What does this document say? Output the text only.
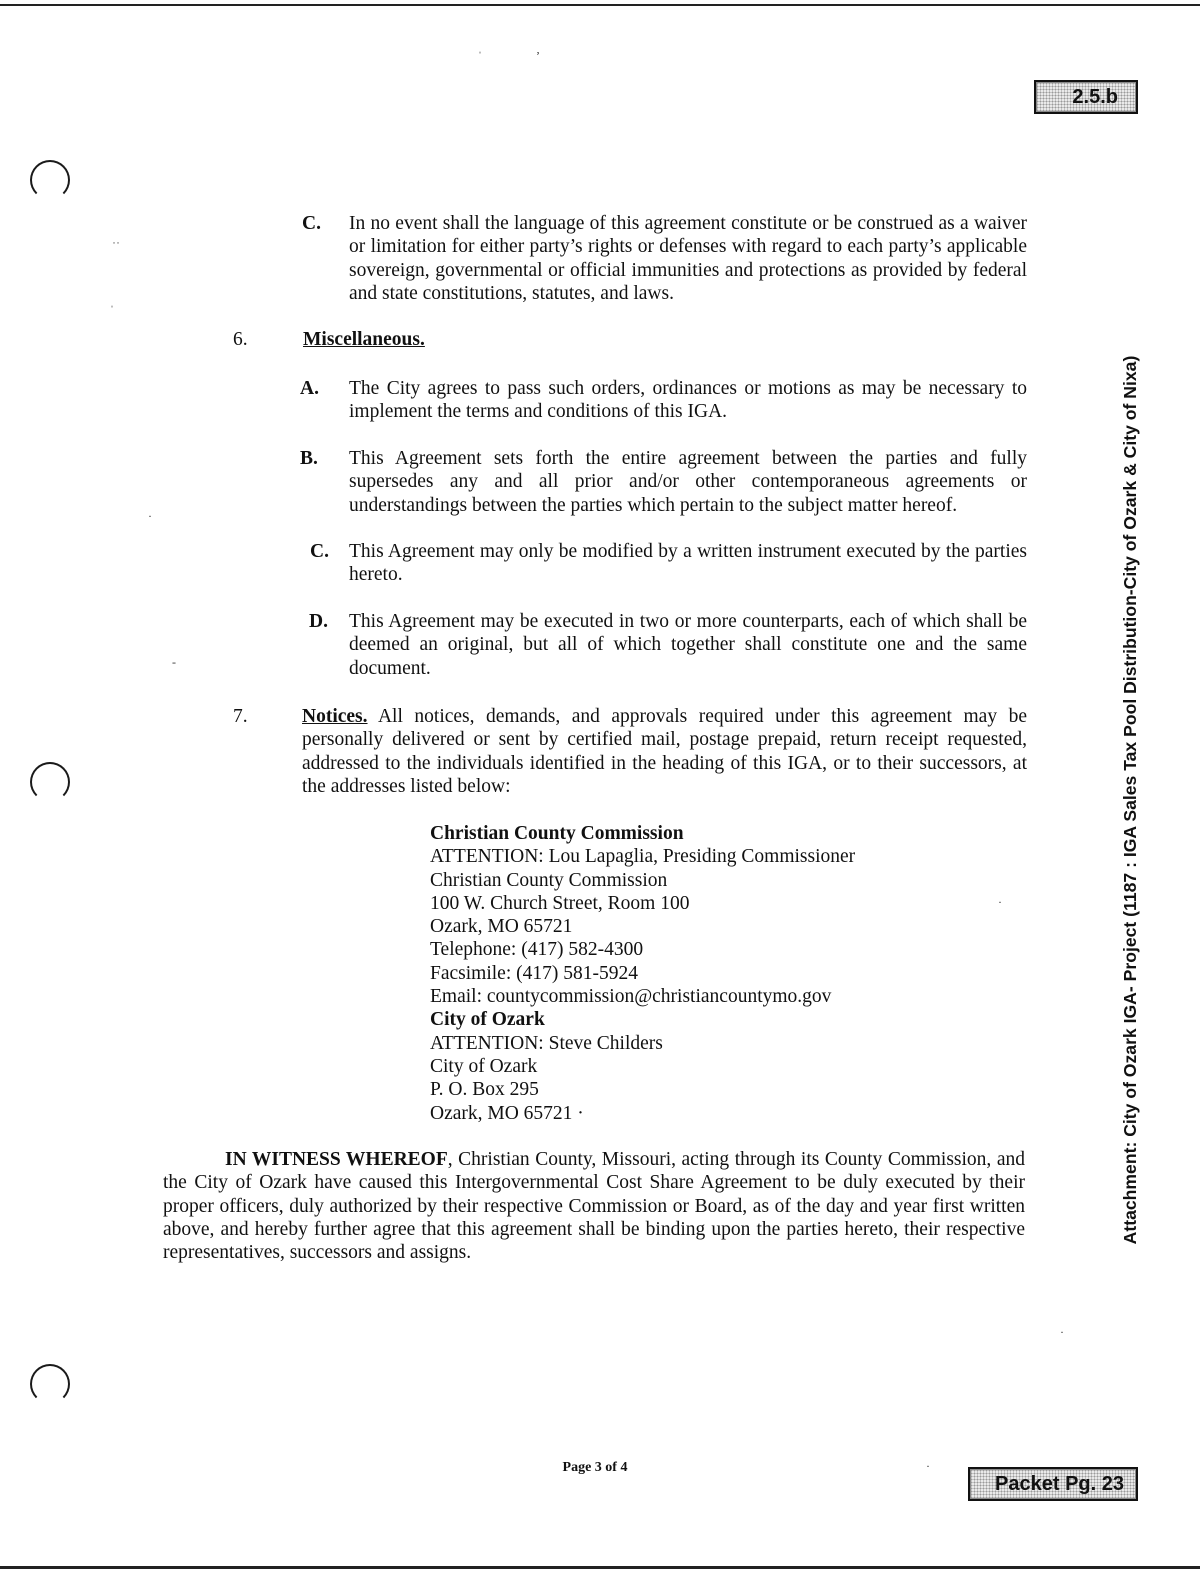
ˈ	ʼ
˙˙
ˈ
·
-
·
·
·
2.5.b
Packet Pg. 23
Attachment: City of Ozark IGA- Project (1187 : IGA Sales Tax Pool Distribution-City of Ozark & City of Nixa)
C. In no event shall the language of this agreement constitute or be construed as a waiver or limitation for either party’s rights or defenses with regard to each party’s applicable sovereign, governmental or official immunities and protections as provided by federal and state constitutions, statutes, and laws.
6.	Miscellaneous.
A. The City agrees to pass such orders, ordinances or motions as may be necessary to implement the terms and conditions of this IGA.
B. This Agreement sets forth the entire agreement between the parties and fully supersedes any and all prior and/or other contemporaneous agreements or understandings between the parties which pertain to the subject matter hereof.
C. This Agreement may only be modified by a written instrument executed by the parties hereto.
D. This Agreement may be executed in two or more counterparts, each of which shall be deemed an original, but all of which together shall constitute one and the same document.
7.	Notices. All notices, demands, and approvals required under this agreement may be personally delivered or sent by certified mail, postage prepaid, return receipt requested, addressed to the individuals identified in the heading of this IGA, or to their successors, at the addresses listed below:
Christian County Commission
ATTENTION: Lou Lapaglia, Presiding Commissioner
Christian County Commission
100 W. Church Street, Room 100
Ozark, MO 65721
Telephone: (417) 582-4300
Facsimile: (417) 581-5924
Email: countycommission@christiancountymo.gov
City of Ozark
ATTENTION: Steve Childers
City of Ozark
P. O. Box 295
Ozark, MO 65721 ·
IN WITNESS WHEREOF, Christian County, Missouri, acting through its County Commission, and the City of Ozark have caused this Intergovernmental Cost Share Agreement to be duly executed by their proper officers, duly authorized by their respective Commission or Board, as of the day and year first written above, and hereby further agree that this agreement shall be binding upon the parties hereto, their respective representatives, successors and assigns.
Page 3 of 4
